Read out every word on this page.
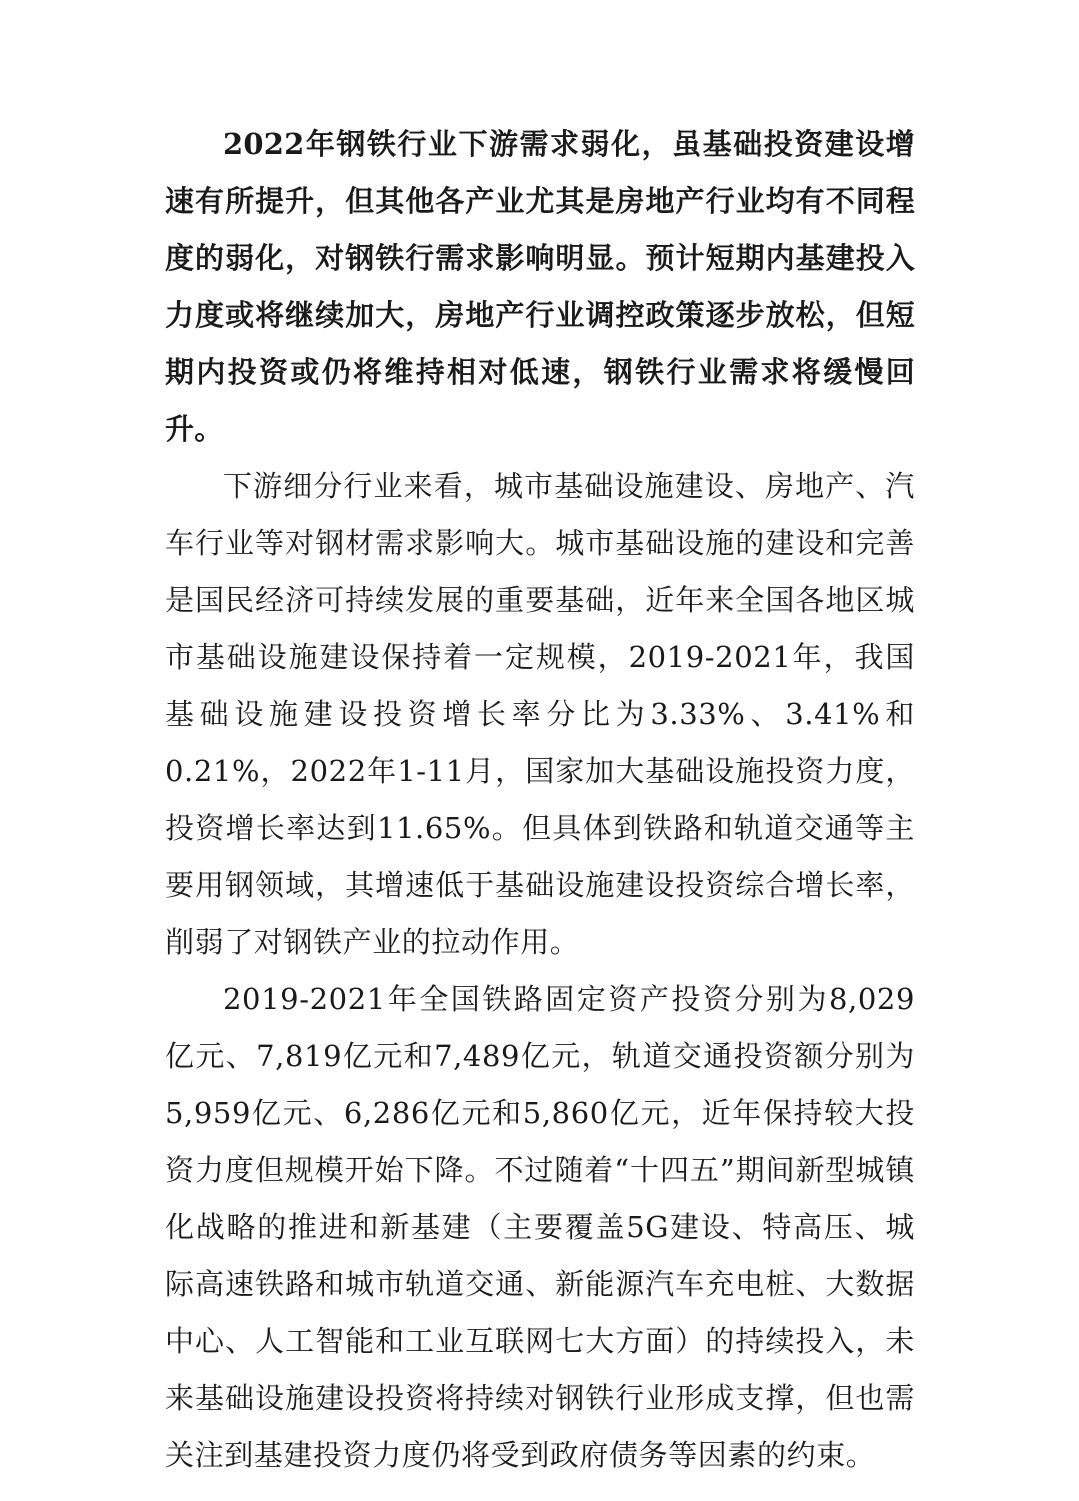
2022年钢铁行业下游需求弱化，虽基础投资建设增速有所提升，但其他各产业尤其是房地产行业均有不同程度的弱化，对钢铁行需求影响明显。预计短期内基建投入力度或将继续加大，房地产行业调控政策逐步放松，但短期内投资或仍将维持相对低速，钢铁行业需求将缓慢回升。

下游细分行业来看，城市基础设施建设、房地产、汽车行业等对钢材需求影响大。城市基础设施的建设和完善是国民经济可持续发展的重要基础，近年来全国各地区城市基础设施建设保持着一定规模，2019-2021年，我国基础设施建设投资增长率分比为3.33%、3.41%和0.21%，2022年1-11月，国家加大基础设施投资力度，投资增长率达到11.65%。但具体到铁路和轨道交通等主要用钢领域，其增速低于基础设施建设投资综合增长率，削弱了对钢铁产业的拉动作用。

2019-2021年全国铁路固定资产投资分别为8,029亿元、7,819亿元和7,489亿元，轨道交通投资额分别为5,959亿元、6,286亿元和5,860亿元，近年保持较大投资力度但规模开始下降。不过随着“十四五”期间新型城镇化战略的推进和新基建（主要覆盖5G建设、特高压、城际高速铁路和城市轨道交通、新能源汽车充电桩、大数据中心、人工智能和工业互联网七大方面）的持续投入，未来基础设施建设投资将持续对钢铁行业形成支撑，但也需关注到基建投资力度仍将受到政府债务等因素的约束。
